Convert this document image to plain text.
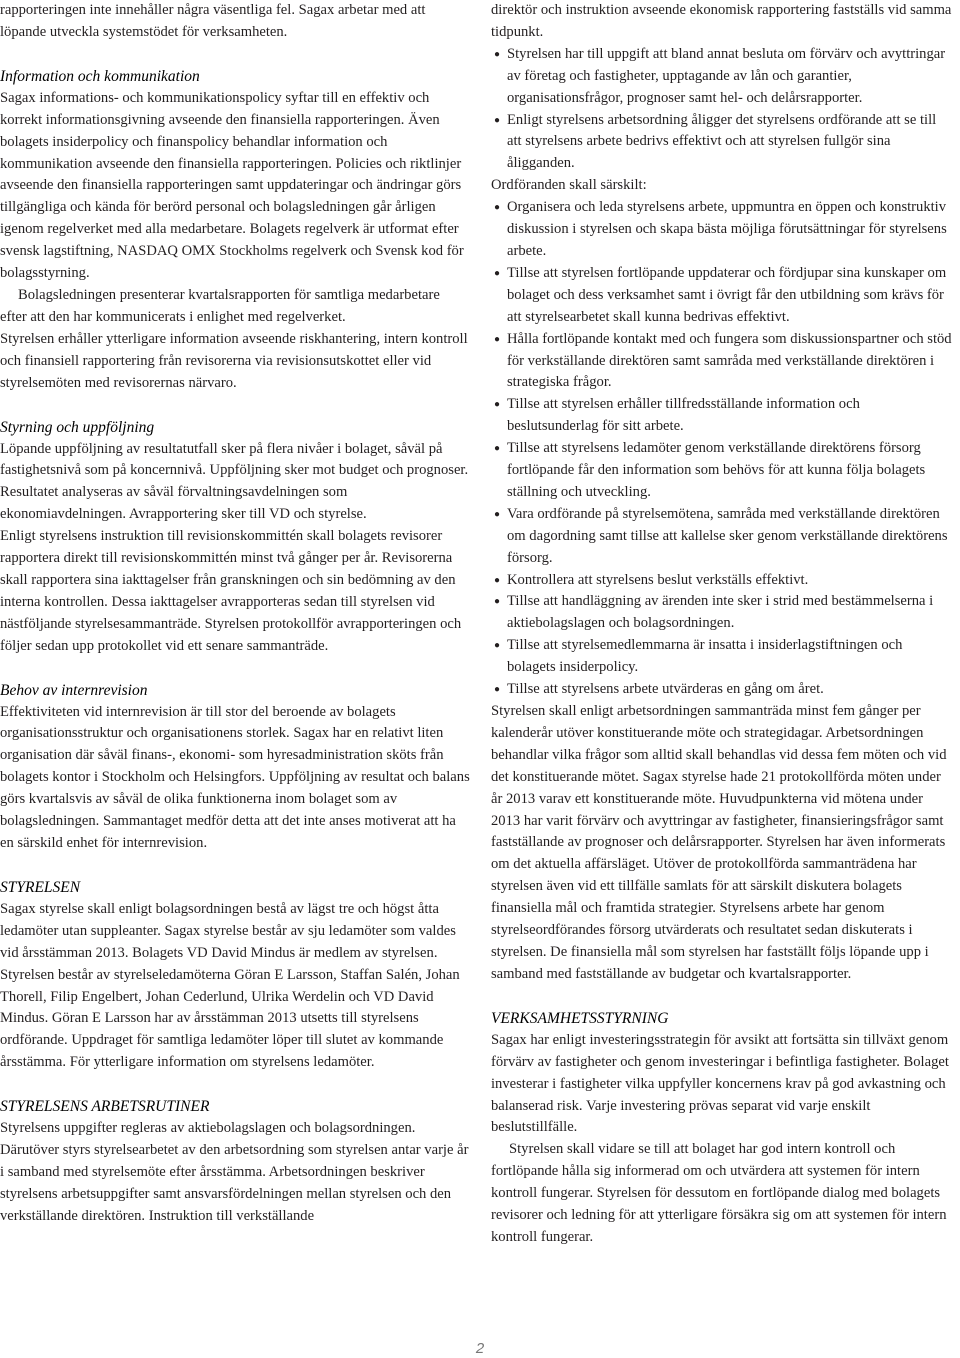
rapporteringen inte innehåller några väsentliga fel. Sagax arbetar med att löpande utveckla systemstödet för verksamheten.

Information och kommunikation

Sagax informations- och kommunikationspolicy syftar till en effektiv och korrekt informationsgivning avseende den finansiella rapporteringen. Även bolagets insiderpolicy och finanspolicy behandlar information och kommunikation avseende den finansiella rapporteringen. Policies och riktlinjer avseende den finansiella rapporteringen samt uppdateringar och ändringar görs tillgängliga och kända för berörd personal och bolagsledningen går årligen igenom regelverket med alla medarbetare. Bolagets regelverk är utformat efter svensk lagstiftning, NASDAQ OMX Stockholms regelverk och Svensk kod för bolagsstyrning.

Bolagsledningen presenterar kvartalsrapporten för samtliga medarbetare efter att den har kommunicerats i enlighet med regelverket.

Styrelsen erhåller ytterligare information avseende riskhantering, intern kontroll och finansiell rapportering från revisorerna via revisionsutskottet eller vid styrelsemöten med revisorernas närvaro.

Styrning och uppföljning

Löpande uppföljning av resultatutfall sker på flera nivåer i bolaget, såväl på fastighetsnivå som på koncernnivå. Uppföljning sker mot budget och prognoser. Resultatet analyseras av såväl förvaltningsavdelningen som ekonomiavdelningen. Avrapportering sker till VD och styrelse.

Enligt styrelsens instruktion till revisionskommittén skall bolagets revisorer rapportera direkt till revisionskommittén minst två gånger per år. Revisorerna skall rapportera sina iakttagelser från granskningen och sin bedömning av den interna kontrollen. Dessa iakttagelser avrapporteras sedan till styrelsen vid nästföljande styrelsesammanträde. Styrelsen protokollför avrapporteringen och följer sedan upp protokollet vid ett senare sammanträde.

Behov av internrevision

Effektiviteten vid internrevision är till stor del beroende av bolagets organisationsstruktur och organisationens storlek. Sagax har en relativt liten organisation där såväl finans-, ekonomi- som hyresadministration sköts från bolagets kontor i Stockholm och Helsingfors. Uppföljning av resultat och balans görs kvartalsvis av såväl de olika funktionerna inom bolaget som av bolagsledningen. Sammantaget medför detta att det inte anses motiverat att ha en särskild enhet för internrevision.

STYRELSEN

Sagax styrelse skall enligt bolagsordningen bestå av lägst tre och högst åtta ledamöter utan suppleanter. Sagax styrelse består av sju ledamöter som valdes vid årsstämman 2013. Bolagets VD David Mindus är medlem av styrelsen. Styrelsen består av styrelseledamöterna Göran E Larsson, Staffan Salén, Johan Thorell, Filip Engelbert, Johan Cederlund, Ulrika Werdelin och VD David Mindus. Göran E Larsson har av årsstämman 2013 utsetts till styrelsens ordförande. Uppdraget för samtliga ledamöter löper till slutet av kommande årsstämma. För ytterligare information om styrelsens ledamöter.

STYRELSENS ARBETSRUTINER

Styrelsens uppgifter regleras av aktiebolagslagen och bolagsordningen. Därutöver styrs styrelsearbetet av den arbetsordning som styrelsen antar varje år i samband med styrelsemöte efter årsstämma. Arbetsordningen beskriver styrelsens arbetsuppgifter samt ansvarsfördelningen mellan styrelsen och den verkställande direktören. Instruktion till verkställande

direktör och instruktion avseende ekonomisk rapportering fastställs vid samma tidpunkt.

● Styrelsen har till uppgift att bland annat besluta om förvärv och avyttringar av företag och fastigheter, upptagande av lån och garantier, organisationsfrågor, prognoser samt hel- och delårsrapporter.
● Enligt styrelsens arbetsordning åligger det styrelsens ordförande att se till att styrelsens arbete bedrivs effektivt och att styrelsen fullgör sina åligganden.

Ordföranden skall särskilt:

● Organisera och leda styrelsens arbete, uppmuntra en öppen och konstruktiv diskussion i styrelsen och skapa bästa möjliga förutsättningar för styrelsens arbete.
● Tillse att styrelsen fortlöpande uppdaterar och fördjupar sina kunskaper om bolaget och dess verksamhet samt i övrigt får den utbildning som krävs för att styrelsearbetet skall kunna bedrivas effektivt.
● Hålla fortlöpande kontakt med och fungera som diskussionspartner och stöd för verkställande direktören samt samråda med verkställande direktören i strategiska frågor.
● Tillse att styrelsen erhåller tillfredsställande information och beslutsunderlag för sitt arbete.
● Tillse att styrelsens ledamöter genom verkställande direktörens försorg fortlöpande får den information som behövs för att kunna följa bolagets ställning och utveckling.
● Vara ordförande på styrelsemötena, samråda med verkställande direktören om dagordning samt tillse att kallelse sker genom verkställande direktörens försorg.
● Kontrollera att styrelsens beslut verkställs effektivt.
● Tillse att handläggning av ärenden inte sker i strid med bestämmelserna i aktiebolagslagen och bolagsordningen.
● Tillse att styrelsemedlemmarna är insatta i insiderlagstiftningen och bolagets insiderpolicy.
● Tillse att styrelsens arbete utvärderas en gång om året.

Styrelsen skall enligt arbetsordningen sammanträda minst fem gånger per kalenderår utöver konstituerande möte och strategidagar. Arbetsordningen behandlar vilka frågor som alltid skall behandlas vid dessa fem möten och vid det konstituerande mötet. Sagax styrelse hade 21 protokollförda möten under år 2013 varav ett konstituerande möte. Huvudpunkterna vid mötena under 2013 har varit förvärv och avyttringar av fastigheter, finansieringsfrågor samt fastställande av prognoser och delårsrapporter. Styrelsen har även informerats om det aktuella affärsläget. Utöver de protokollförda sammanträdena har styrelsen även vid ett tillfälle samlats för att särskilt diskutera bolagets finansiella mål och framtida strategier. Styrelsens arbete har genom styrelseordförandes försorg utvärderats och resultatet sedan diskuterats i styrelsen. De finansiella mål som styrelsen har fastställt följs löpande upp i samband med fastställande av budgetar och kvartalsrapporter.

VERKSAMHETSSTYRNING

Sagax har enligt investeringsstrategin för avsikt att fortsätta sin tillväxt genom förvärv av fastigheter och genom investeringar i befintliga fastigheter. Bolaget investerar i fastigheter vilka uppfyller koncernens krav på god avkastning och balanserad risk. Varje investering prövas separat vid varje enskilt beslutstillfälle.

Styrelsen skall vidare se till att bolaget har god intern kontroll och fortlöpande hålla sig informerad om och utvärdera att systemen för intern kontroll fungerar. Styrelsen för dessutom en fortlöpande dialog med bolagets revisorer och ledning för att ytterligare försäkra sig om att systemen för intern kontroll fungerar.

2
